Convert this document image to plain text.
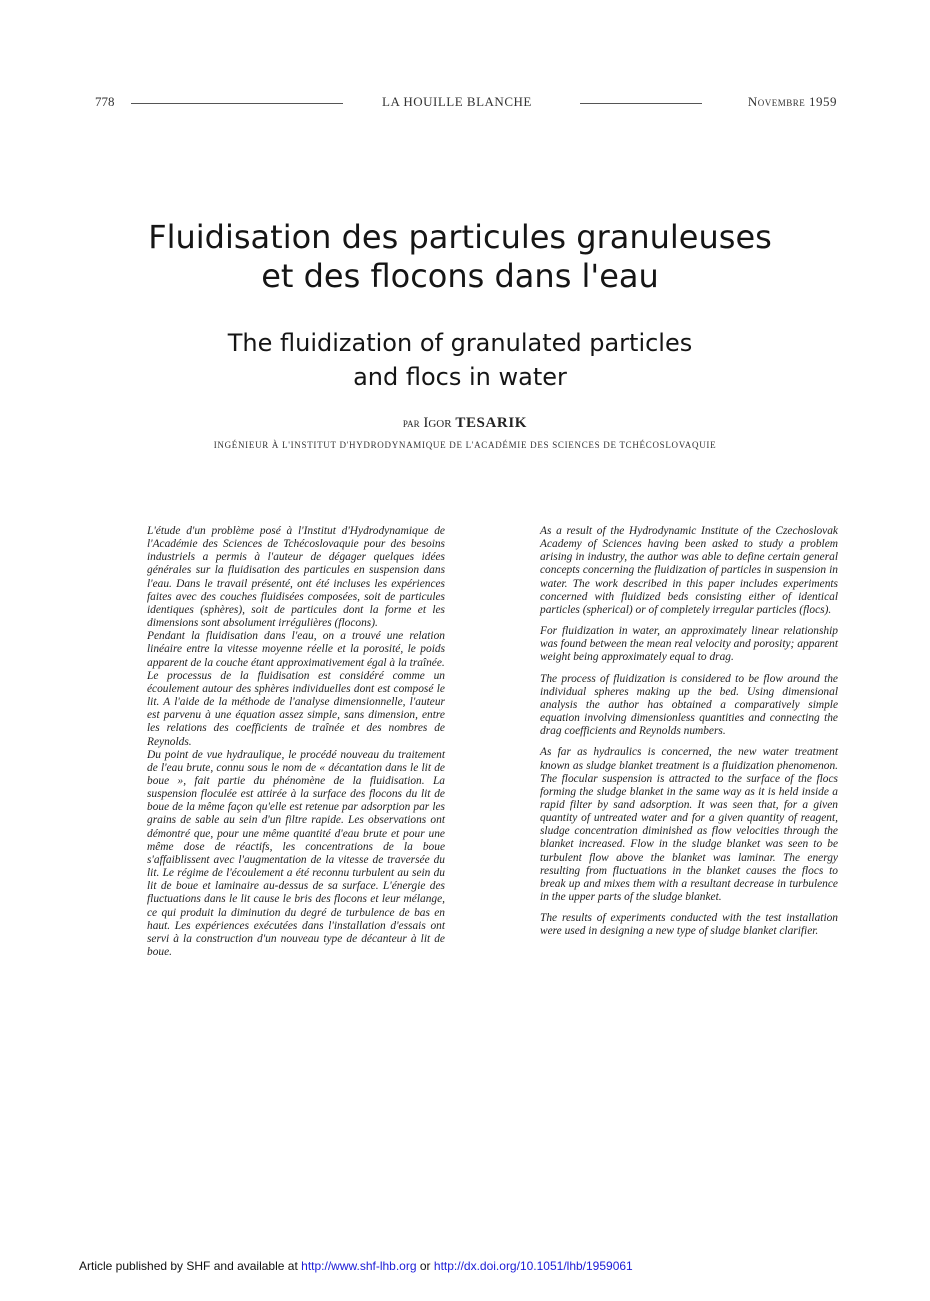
778	LA HOUILLE BLANCHE	Novembre 1959
Fluidisation des particules granuleuses
et des flocons dans l'eau
The fluidization of granulated particles
and flocs in water
par Igor TESARIK
INGÉNIEUR À L'INSTITUT D'HYDRODYNAMIQUE DE L'ACADÉMIE DES SCIENCES DE TCHÉCOSLOVAQUIE

L'étude d'un problème posé à l'Institut d'Hydrodynamique de l'Académie des Sciences de Tchécoslovaquie pour des besoins industriels a permis à l'auteur de dégager quelques idées générales sur la fluidisation des particules en suspension dans l'eau. Dans le travail présenté, ont été incluses les expériences faites avec des couches fluidisées composées, soit de particules identiques (sphères), soit de particules dont la forme et les dimensions sont absolument irrégulières (flocons).

Pendant la fluidisation dans l'eau, on a trouvé une relation linéaire entre la vitesse moyenne réelle et la porosité, le poids apparent de la couche étant approximativement égal à la traînée.

Le processus de la fluidisation est considéré comme un écoulement autour des sphères individuelles dont est composé le lit. A l'aide de la méthode de l'analyse dimensionnelle, l'auteur est parvenu à une équation assez simple, sans dimension, entre les relations des coefficients de traînée et des nombres de Reynolds.

Du point de vue hydraulique, le procédé nouveau du traitement de l'eau brute, connu sous le nom de « décantation dans le lit de boue », fait partie du phénomène de la fluidisation. La suspension floculée est attirée à la surface des flocons du lit de boue de la même façon qu'elle est retenue par adsorption par les grains de sable au sein d'un filtre rapide. Les observations ont démontré que, pour une même quantité d'eau brute et pour une même dose de réactifs, les concentrations de la boue s'affaiblissent avec l'augmentation de la vitesse de traversée du lit. Le régime de l'écoulement a été reconnu turbulent au sein du lit de boue et laminaire au-dessus de sa surface. L'énergie des fluctuations dans le lit cause le bris des flocons et leur mélange, ce qui produit la diminution du degré de turbulence de bas en haut. Les expériences exécutées dans l'installation d'essais ont servi à la construction d'un nouveau type de décanteur à lit de boue.

As a result of the Hydrodynamic Institute of the Czechoslovak Academy of Sciences having been asked to study a problem arising in industry, the author was able to define certain general concepts concerning the fluidization of particles in suspension in water. The work described in this paper includes experiments concerned with fluidized beds consisting either of identical particles (spherical) or of completely irregular particles (flocs).

For fluidization in water, an approximately linear relationship was found between the mean real velocity and porosity; apparent weight being approximately equal to drag.

The process of fluidization is considered to be flow around the individual spheres making up the bed. Using dimensional analysis the author has obtained a comparatively simple equation involving dimensionless quantities and connecting the drag coefficients and Reynolds numbers.

As far as hydraulics is concerned, the new water treatment known as sludge blanket treatment is a fluidization phenomenon. The flocular suspension is attracted to the surface of the flocs forming the sludge blanket in the same way as it is held inside a rapid filter by sand adsorption. It was seen that, for a given quantity of untreated water and for a given quantity of reagent, sludge concentration diminished as flow velocities through the blanket increased. Flow in the sludge blanket was seen to be turbulent flow above the blanket was laminar. The energy resulting from fluctuations in the blanket causes the flocs to break up and mixes them with a resultant decrease in turbulence in the upper parts of the sludge blanket.

The results of experiments conducted with the test installation were used in designing a new type of sludge blanket clarifier.

Article published by SHF and available at http://www.shf-lhb.org or http://dx.doi.org/10.1051/lhb/1959061
